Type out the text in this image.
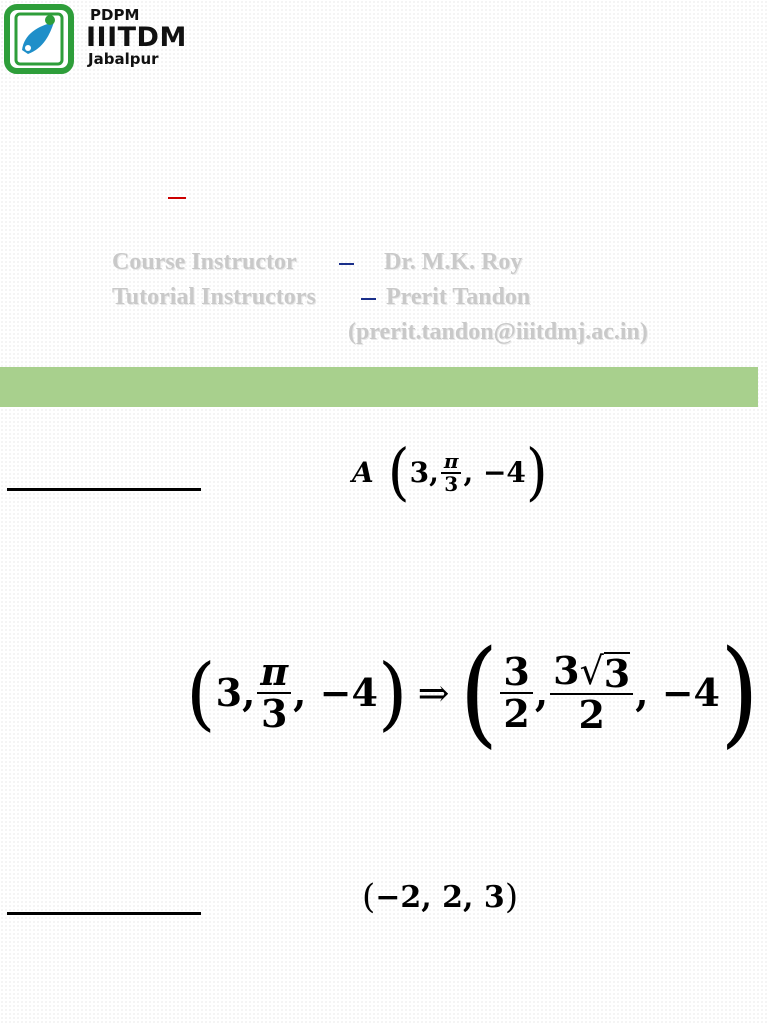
PDPM
IIITDM
Jabalpur
Course Instructor	Dr. M.K. Roy
Tutorial Instructors	Prerit Tandon
(prerit.tandon@iiitdmj.ac.in)
A ( 3, $\frac{\pi}{3}$ , −4 )
( 3, $\frac{\pi}{3}$ , −4 ) ⇒ ( $\frac{3}{2}$ , $\frac{3 √ 3}{2}$ , −4 )
( −2, 2, 3 )
